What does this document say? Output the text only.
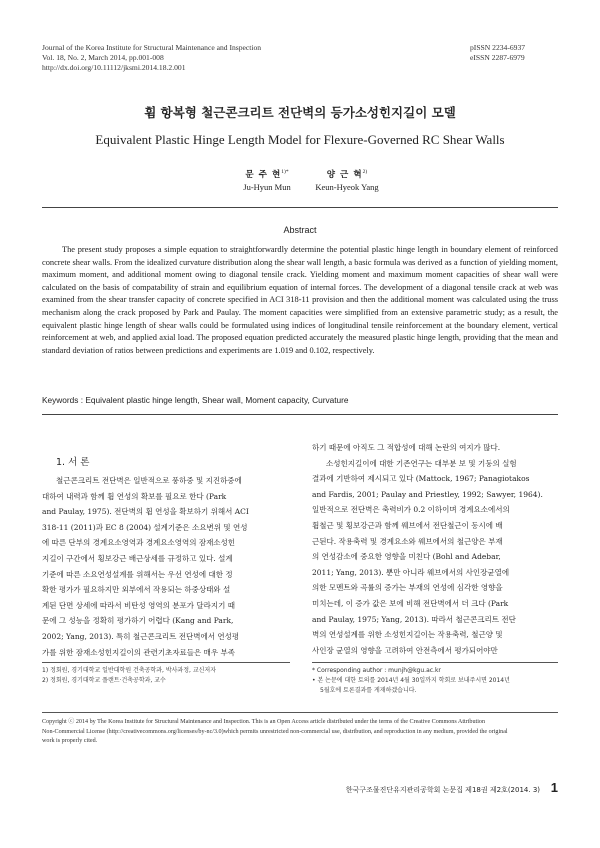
Journal of the Korea Institute for Structural Maintenance and Inspection
Vol. 18, No. 2, March 2014, pp.001-008
http://dx.doi.org/10.11112/jksmi.2014.18.2.001
pISSN 2234-6937
eISSN 2287-6979
휨 항복형 철근콘크리트 전단벽의 등가소성힌지길이 모델
Equivalent Plastic Hinge Length Model for Flexure-Governed RC Shear Walls
문 주 현$^{1)*}$
Ju-Hyun Mun
양 근 혁$^{2)}$
Keun-Hyeok Yang
Abstract
The present study proposes a simple equation to straightforwardly determine the potential plastic hinge length in boundary element of reinforced concrete shear walls. From the idealized curvature distribution along the shear wall length, a basic formula was derived as a function of yielding moment, maximum moment, and additional moment owing to diagonal tensile crack. Yielding moment and maximum moment capacities of shear wall were calculated on the basis of compatability of strain and equilibrium equation of internal forces. The development of a diagonal tensile crack at web was examined from the shear transfer capacity of concrete specified in ACI 318-11 provision and then the additional moment was calculated using the truss mechanism along the crack proposed by Park and Paulay. The moment capacities were simplified from an extensive parametric study; as a result, the equivalent plastic hinge length of shear walls could be formulated using indices of longitudinal tensile reinforcement at the boundary element, vertical reinforcement at web, and applied axial load. The proposed equation predicted accurately the measured plastic hinge length, providing that the mean and standard deviation of ratios between predictions and experiments are 1.019 and 0.102, respectively.
Keywords : Equivalent plastic hinge length, Shear wall, Moment capacity, Curvature
1. 서 론
철근콘크리트 전단벽은 일반적으로 풍하중 및 지진하중에
대하여 내력과 함께 휨 연성의 확보를 필요로 한다 (Park
and Paulay, 1975). 전단벽의 휨 연성을 확보하기 위해서 ACI
318-11 (2011)과 EC 8 (2004) 설계기준은 소요변위 및 연성
에 따른 단부의 경계요소영역과 경계요소영역의 잠재소성힌
지길이 구간에서 횡보강근 배근상세를 규정하고 있다. 설계
기준에 따른 소요연성설계를 위해서는 우선 연성에 대한 정
확한 평가가 필요하지만 외부에서 작용되는 하중상태와 설
계된 단면 상세에 따라서 비탄성 영역의 분포가 달라지기 때
문에 그 성능을 정확히 평가하기 어렵다 (Kang and Park,
2002; Yang, 2013). 특히 철근콘크리트 전단벽에서 연성평
가를 위한 잠재소성힌지길이의 관련기초자료들은 매우 부족
하기 때문에 아직도 그 적합성에 대해 논란의 여지가 많다.
소성힌지길이에 대한 기존연구는 대부분 보 및 기둥의 실험
결과에 기반하여 제시되고 있다 (Mattock, 1967; Panagiotakos
and Fardis, 2001; Paulay and Priestley, 1992; Sawyer, 1964).
일반적으로 전단벽은 축력비가 0.2 이하이며 경계요소에서의
휨철근 및 횡보강근과 함께 웨브에서 전단철근이 동시에 배
근된다. 작용축력 및 경계요소와 웨브에서의 철근양은 부재
의 연성감소에 중요한 영향을 미친다 (Bohl and Adebar,
2011; Yang, 2013). 뿐만 아니라 웨브에서의 사인장균열에
의한 모멘트와 곡률의 증가는 부재의 연성에 심각한 영향을
미치는데, 이 증가 값은 보에 비해 전단벽에서 더 크다 (Park
and Paulay, 1975; Yang, 2013). 따라서 철근콘크리트 전단
벽의 연성설계를 위한 소성힌지길이는 작용축력, 철근양 및
사인장 균열의 영향을 고려하여 안전측에서 평가되어야만
1) 정회원, 경기대학교 일반대학원 건축공학과, 박사과정, 교신저자
2) 정회원, 경기대학교 플랜트·건축공학과, 교수
* Corresponding author : munjh@kgu.ac.kr
• 본 논문에 대한 토의를 2014년 4월 30일까지 학회로 보내주시면 2014년
5월호에 토론결과를 게재하겠습니다.
Copyright ⓒ 2014 by The Korea Institute for Structural Maintenance and Inspection. This is an Open Access article distributed under the terms of the Creative Commons Attribution
Non-Commercial License (http://creativecommons.org/licenses/by-nc/3.0)which permits unrestricted non-commercial use, distribution, and reproduction in any medium, provided the original
work is properly cited.
한국구조물진단유지관리공학회 논문집 제18권 제2호(2014. 3) 1
